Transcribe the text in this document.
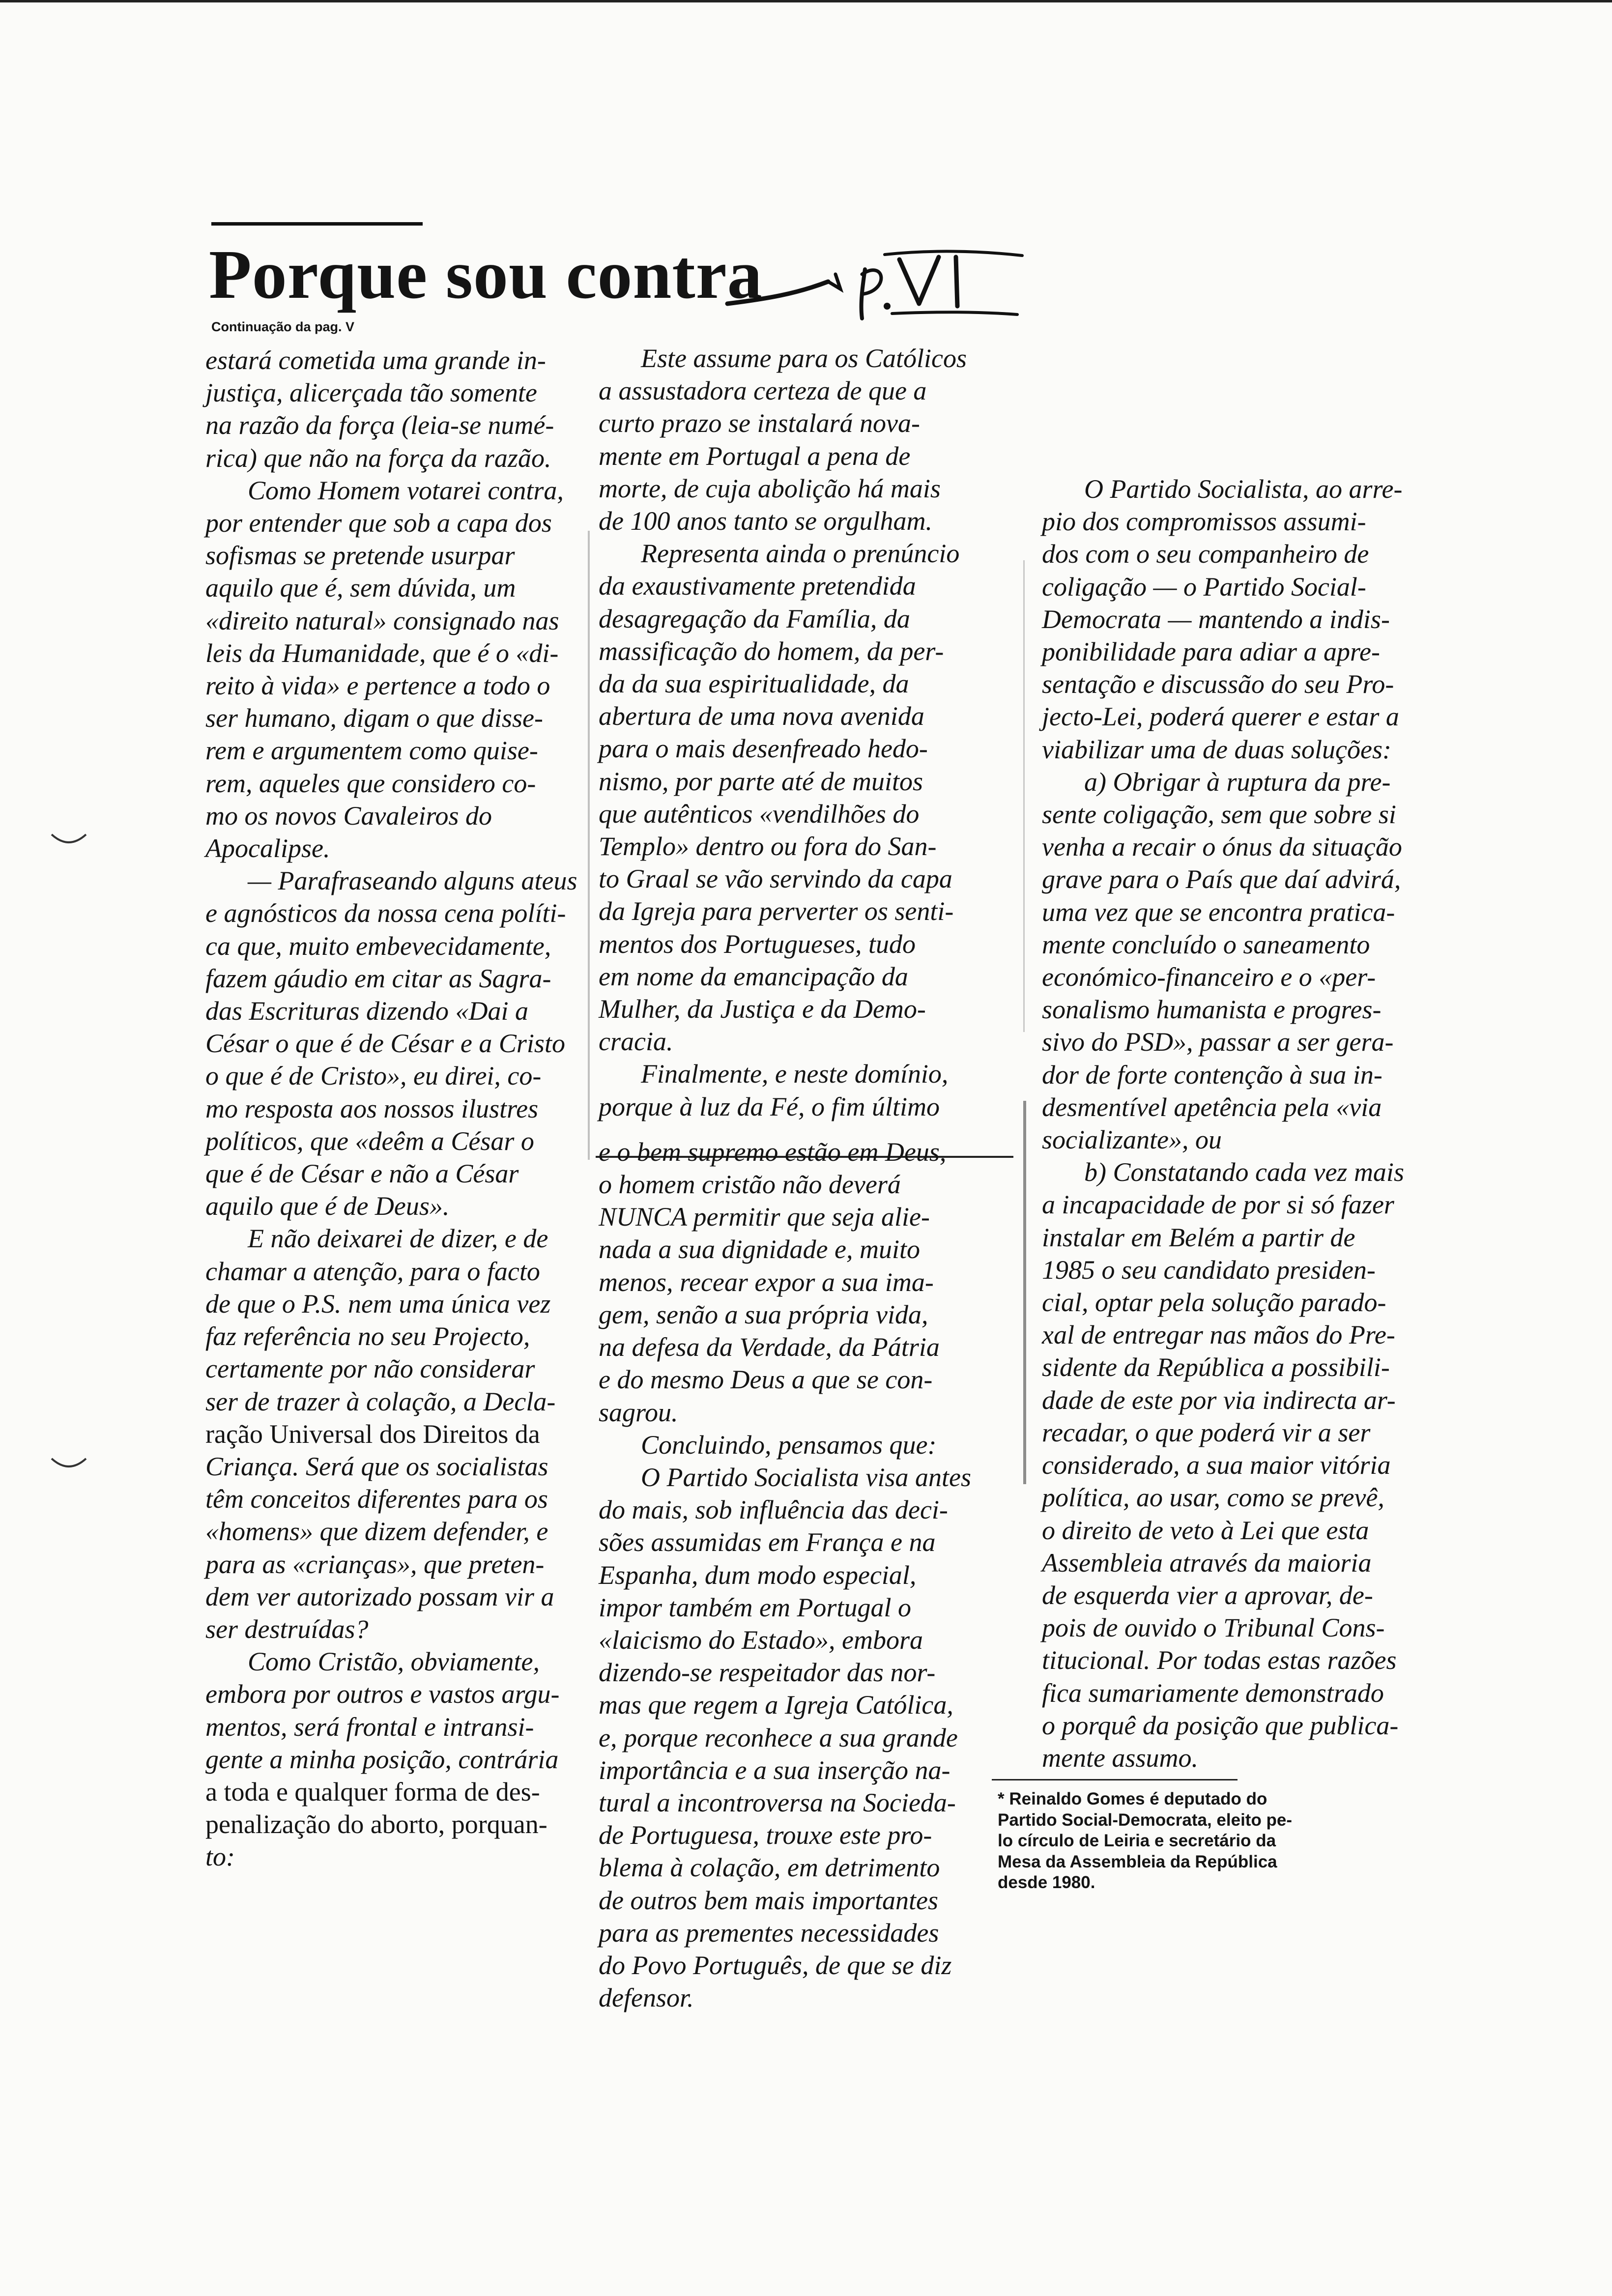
Porque sou contra
Continuação da pag. V

estará cometida uma grande in-
justiça, alicerçada tão somente
na razão da força (leia-se numé-
rica) que não na força da razão.

Como Homem votarei contra,
por entender que sob a capa dos
sofismas se pretende usurpar
aquilo que é, sem dúvida, um
«direito natural» consignado nas
leis da Humanidade, que é o «di-
reito à vida» e pertence a todo o
ser humano, digam o que disse-
rem e argumentem como quise-
rem, aqueles que considero co-
mo os novos Cavaleiros do
Apocalipse.

— Parafraseando alguns ateus
e agnósticos da nossa cena políti-
ca que, muito embevecidamente,
fazem gáudio em citar as Sagra-
das Escrituras dizendo «Dai a
César o que é de César e a Cristo
o que é de Cristo», eu direi, co-
mo resposta aos nossos ilustres
políticos, que «deêm a César o
que é de César e não a César
aquilo que é de Deus».

E não deixarei de dizer, e de
chamar a atenção, para o facto
de que o P.S. nem uma única vez
faz referência no seu Projecto,
certamente por não considerar
ser de trazer à colação, a Decla-
ração Universal dos Direitos da
Criança. Será que os socialistas
têm conceitos diferentes para os
«homens» que dizem defender, e
para as «crianças», que preten-
dem ver autorizado possam vir a
ser destruídas?

Como Cristão, obviamente,
embora por outros e vastos argu-
mentos, será frontal e intransi-
gente a minha posição, contrária
a toda e qualquer forma de des-
penalização do aborto, porquan-
to:

Este assume para os Católicos
a assustadora certeza de que a
curto prazo se instalará nova-
mente em Portugal a pena de
morte, de cuja abolição há mais
de 100 anos tanto se orgulham.

Representa ainda o prenúncio
da exaustivamente pretendida
desagregação da Família, da
massificação do homem, da per-
da da sua espiritualidade, da
abertura de uma nova avenida
para o mais desenfreado hedo-
nismo, por parte até de muitos
que autênticos «vendilhões do
Templo» dentro ou fora do San-
to Graal se vão servindo da capa
da Igreja para perverter os senti-
mentos dos Portugueses, tudo
em nome da emancipação da
Mulher, da Justiça e da Demo-
cracia.

Finalmente, e neste domínio,
porque à luz da Fé, o fim último

e o bem supremo estão em Deus,
o homem cristão não deverá
NUNCA permitir que seja alie-
nada a sua dignidade e, muito
menos, recear expor a sua ima-
gem, senão a sua própria vida,
na defesa da Verdade, da Pátria
e do mesmo Deus a que se con-
sagrou.

Concluindo, pensamos que:

O Partido Socialista visa antes
do mais, sob influência das deci-
sões assumidas em França e na
Espanha, dum modo especial,
impor também em Portugal o
«laicismo do Estado», embora
dizendo-se respeitador das nor-
mas que regem a Igreja Católica,
e, porque reconhece a sua grande
importância e a sua inserção na-
tural a incontroversa na Socieda-
de Portuguesa, trouxe este pro-
blema à colação, em detrimento
de outros bem mais importantes
para as prementes necessidades
do Povo Português, de que se diz
defensor.

O Partido Socialista, ao arre-
pio dos compromissos assumi-
dos com o seu companheiro de
coligação — o Partido Social-
Democrata — mantendo a indis-
ponibilidade para adiar a apre-
sentação e discussão do seu Pro-
jecto-Lei, poderá querer e estar a
viabilizar uma de duas soluções:

a) Obrigar à ruptura da pre-
sente coligação, sem que sobre si
venha a recair o ónus da situação
grave para o País que daí advirá,
uma vez que se encontra pratica-
mente concluído o saneamento
económico-financeiro e o «per-
sonalismo humanista e progres-
sivo do PSD», passar a ser gera-
dor de forte contenção à sua in-
desmentível apetência pela «via
socializante», ou

b) Constatando cada vez mais
a incapacidade de por si só fazer
instalar em Belém a partir de
1985 o seu candidato presiden-
cial, optar pela solução parado-
xal de entregar nas mãos do Pre-
sidente da República a possibili-
dade de este por via indirecta ar-
recadar, o que poderá vir a ser
considerado, a sua maior vitória
política, ao usar, como se prevê,
o direito de veto à Lei que esta
Assembleia através da maioria
de esquerda vier a aprovar, de-
pois de ouvido o Tribunal Cons-
titucional. Por todas estas razões
fica sumariamente demonstrado
o porquê da posição que publica-
mente assumo.

* Reinaldo Gomes é deputado do
Partido Social-Democrata, eleito pe-
lo círculo de Leiria e secretário da
Mesa da Assembleia da República
desde 1980.
